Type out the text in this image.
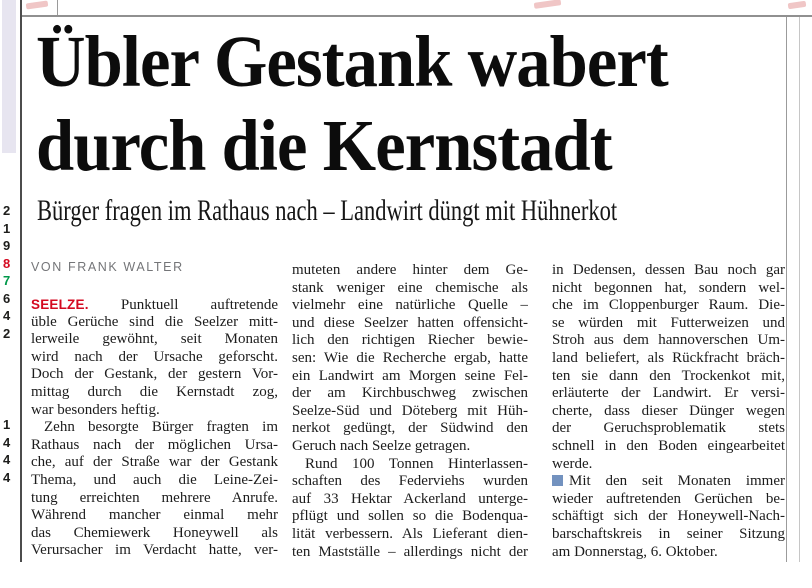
2
1
9
8
7
6
4
2
1
4
4
4
Übler Gestank wabert
durch die Kernstadt
Bürger fragen im Rathaus nach – Landwirt düngt mit Hühnerkot
VON FRANK WALTER
SEELZE. Punktuell auftretende
üble Gerüche sind die Seelzer mitt-
lerweile gewöhnt, seit Monaten
wird nach der Ursache geforscht.
Doch der Gestank, der gestern Vor-
mittag durch die Kernstadt zog,
war besonders heftig.
Zehn besorgte Bürger fragten im
Rathaus nach der möglichen Ursa-
che, auf der Straße war der Gestank
Thema, und auch die Leine-Zei-
tung erreichten mehrere Anrufe.
Während mancher einmal mehr
das Chemiewerk Honeywell als
Verursacher im Verdacht hatte, ver-
muteten andere hinter dem Ge-
stank weniger eine chemische als
vielmehr eine natürliche Quelle –
und diese Seelzer hatten offensicht-
lich den richtigen Riecher bewie-
sen: Wie die Recherche ergab, hatte
ein Landwirt am Morgen seine Fel-
der am Kirchbuschweg zwischen
Seelze-Süd und Döteberg mit Hüh-
nerkot gedüngt, der Südwind den
Geruch nach Seelze getragen.
Rund 100 Tonnen Hinterlassen-
schaften des Federviehs wurden
auf 33 Hektar Ackerland unterge-
pflügt und sollen so die Bodenqua-
lität verbessern. Als Lieferant dien-
ten Mastställe – allerdings nicht der
in Dedensen, dessen Bau noch gar
nicht begonnen hat, sondern wel-
che im Cloppenburger Raum. Die-
se würden mit Futterweizen und
Stroh aus dem hannoverschen Um-
land beliefert, als Rückfracht bräch-
ten sie dann den Trockenkot mit,
erläuterte der Landwirt. Er versi-
cherte, dass dieser Dünger wegen
der Geruchsproblematik stets
schnell in den Boden eingearbeitet
werde.
Mit den seit Monaten immer
wieder auftretenden Gerüchen be-
schäftigt sich der Honeywell-Nach-
barschaftskreis in seiner Sitzung
am Donnerstag, 6. Oktober.
